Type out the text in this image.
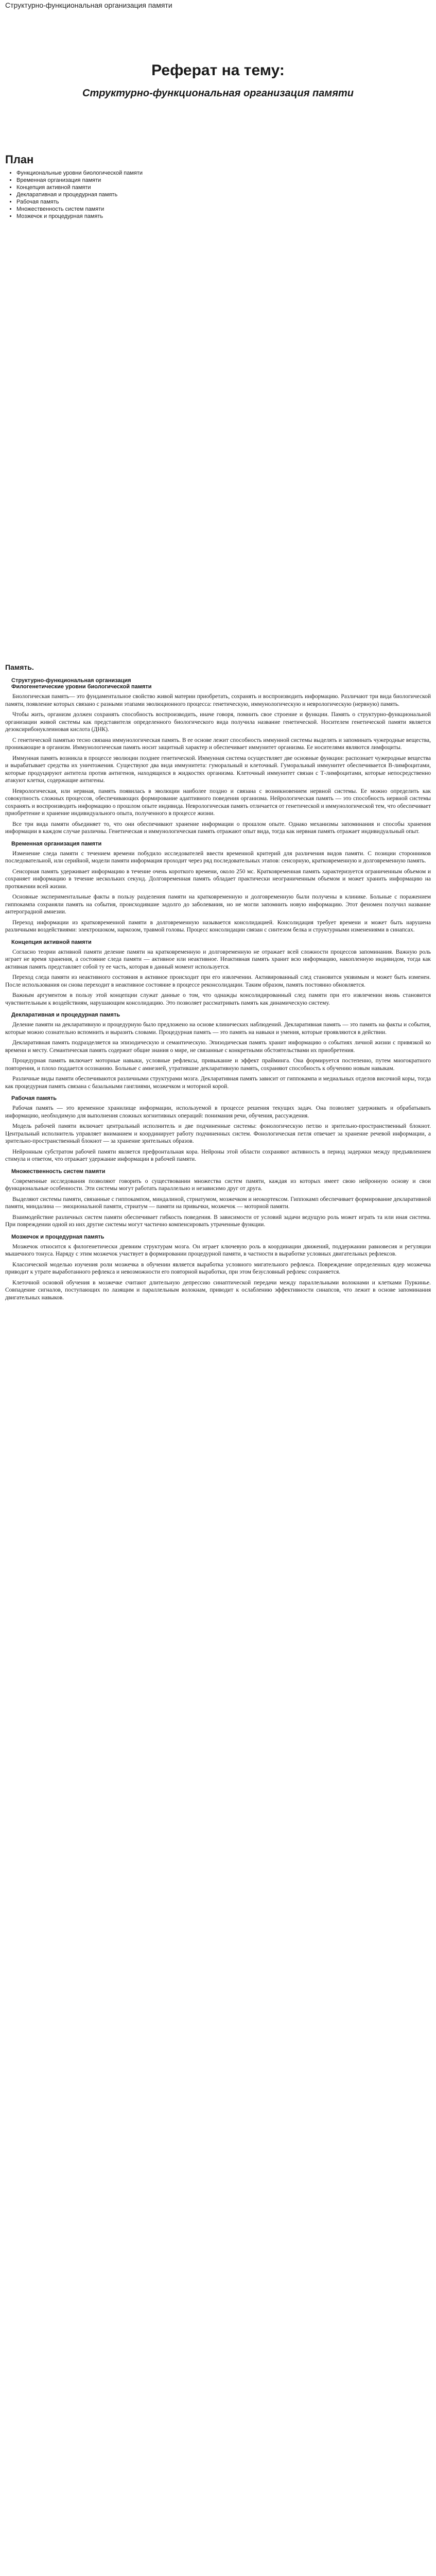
Структурно-функциональная организация памяти
Реферат на тему:
Структурно-функциональная организация памяти
План
• Функциональные уровни биологической памяти
• Временная организация памяти
• Концепция активной памяти
• Декларативная и процедурная память
• Рабочая память
• Множественность систем памяти
• Мозжечок и процедурная память
Память.
Структурно-функциональная организация
Филогенетические уровни биологической памяти

Биологическая память— это фундаментальное свойство живой материи приобретать, сохранять и воспроизводить информацию. Различают три вида биологической памяти, появление которых связано с разными этапами эволюционного процесса: генетическую, иммунологическую и неврологическую (нервную) память.

Чтобы жить, организм должен сохранять способность воспроизводить, иначе говоря, помнить свое строение и функции. Память о структурно-функциональной организации живой системы как представителя определенного биологического вида получила название генетической. Носителем генетической памяти является дезоксирибонуклеиновая кислота (ДНК).

С генетической памятью тесно связана иммунологическая память. В ее основе лежит способность иммунной системы выделять и запоминать чужеродные вещества, проникающие в организм. Иммунологическая память носит защитный характер и обеспечивает иммунитет организма. Ее носителями являются лимфоциты.

Иммунная память возникла в процессе эволюции позднее генетической. Иммунная система осуществляет две основные функции: распознает чужеродные вещества и вырабатывает средства их уничтожения. Существуют два вида иммунитета: гуморальный и клеточный. Гуморальный иммунитет обеспечивается В-лимфоцитами, которые продуцируют антитела против антигенов, находящихся в жидкостях организма. Клеточный иммунитет связан с Т-лимфоцитами, которые непосредственно атакуют клетки, содержащие антигены.

Неврологическая, или нервная, память появилась в эволюции наиболее поздно и связана с возникновением нервной системы. Ее можно определить как совокупность сложных процессов, обеспечивающих формирование адаптивного поведения организма. Нейрологическая память — это способность нервной системы сохранять и воспроизводить информацию о прошлом опыте индивида. Неврологическая память отличается от генетической и иммунологической тем, что обеспечивает приобретение и хранение индивидуального опыта, полученного в процессе жизни.

Все три вида памяти объединяет то, что они обеспечивают хранение информации о прошлом опыте. Однако механизмы запоминания и способы хранения информации в каждом случае различны. Генетическая и иммунологическая память отражают опыт вида, тогда как нервная память отражает индивидуальный опыт.

Временная организация памяти

Изменение следа памяти с течением времени побудило исследователей ввести временной критерий для различения видов памяти. С позиции сторонников последовательной, или серийной, модели памяти информация проходит через ряд последовательных этапов: сенсорную, кратковременную и долговременную память.

Сенсорная память удерживает информацию в течение очень короткого времени, около 250 мс. Кратковременная память характеризуется ограниченным объемом и сохраняет информацию в течение нескольких секунд. Долговременная память обладает практически неограниченным объемом и может хранить информацию на протяжении всей жизни.

Основные экспериментальные факты в пользу разделения памяти на кратковременную и долговременную были получены в клинике. Больные с поражением гиппокампа сохраняли память на события, происходившие задолго до заболевания, но не могли запомнить новую информацию. Этот феномен получил название антероградной амнезии.

Переход информации из кратковременной памяти в долговременную называется консолидацией. Консолидация требует времени и может быть нарушена различными воздействиями: электрошоком, наркозом, травмой головы. Процесс консолидации связан с синтезом белка и структурными изменениями в синапсах.

Концепция активной памяти

Согласно теории активной памяти деление памяти на кратковременную и долговременную не отражает всей сложности процессов запоминания. Важную роль играет не время хранения, а состояние следа памяти — активное или неактивное. Неактивная память хранит всю информацию, накопленную индивидом, тогда как активная память представляет собой ту ее часть, которая в данный момент используется.

Переход следа памяти из неактивного состояния в активное происходит при его извлечении. Активированный след становится уязвимым и может быть изменен. После использования он снова переходит в неактивное состояние в процессе реконсолидации. Таким образом, память постоянно обновляется.

Важным аргументом в пользу этой концепции служат данные о том, что однажды консолидированный след памяти при его извлечении вновь становится чувствительным к воздействиям, нарушающим консолидацию. Это позволяет рассматривать память как динамическую систему.

Декларативная и процедурная память

Деление памяти на декларативную и процедурную было предложено на основе клинических наблюдений. Декларативная память — это память на факты и события, которые можно сознательно вспомнить и выразить словами. Процедурная память — это память на навыки и умения, которые проявляются в действии.

Декларативная память подразделяется на эпизодическую и семантическую. Эпизодическая память хранит информацию о событиях личной жизни с привязкой ко времени и месту. Семантическая память содержит общие знания о мире, не связанные с конкретными обстоятельствами их приобретения.

Процедурная память включает моторные навыки, условные рефлексы, привыкание и эффект прайминга. Она формируется постепенно, путем многократного повторения, и плохо поддается осознанию. Больные с амнезией, утратившие декларативную память, сохраняют способность к обучению новым навыкам.

Различные виды памяти обеспечиваются различными структурами мозга. Декларативная память зависит от гиппокампа и медиальных отделов височной коры, тогда как процедурная память связана с базальными ганглиями, мозжечком и моторной корой.

Рабочая память

Рабочая память — это временное хранилище информации, используемой в процессе решения текущих задач. Она позволяет удерживать и обрабатывать информацию, необходимую для выполнения сложных когнитивных операций: понимания речи, обучения, рассуждения.

Модель рабочей памяти включает центральный исполнитель и две подчиненные системы: фонологическую петлю и зрительно-пространственный блокнот. Центральный исполнитель управляет вниманием и координирует работу подчиненных систем. Фонологическая петля отвечает за хранение речевой информации, а зрительно-пространственный блокнот — за хранение зрительных образов.

Нейронным субстратом рабочей памяти является префронтальная кора. Нейроны этой области сохраняют активность в период задержки между предъявлением стимула и ответом, что отражает удержание информации в рабочей памяти.

Множественность систем памяти

Современные исследования позволяют говорить о существовании множества систем памяти, каждая из которых имеет свою нейронную основу и свои функциональные особенности. Эти системы могут работать параллельно и независимо друг от друга.

Выделяют системы памяти, связанные с гиппокампом, миндалиной, стриатумом, мозжечком и неокортексом. Гиппокамп обеспечивает формирование декларативной памяти, миндалина — эмоциональной памяти, стриатум — памяти на привычки, мозжечок — моторной памяти.

Взаимодействие различных систем памяти обеспечивает гибкость поведения. В зависимости от условий задачи ведущую роль может играть та или иная система. При повреждении одной из них другие системы могут частично компенсировать утраченные функции.

Мозжечок и процедурная память

Мозжечок относится к филогенетически древним структурам мозга. Он играет ключевую роль в координации движений, поддержании равновесия и регуляции мышечного тонуса. Наряду с этим мозжечок участвует в формировании процедурной памяти, в частности в выработке условных двигательных рефлексов.

Классической моделью изучения роли мозжечка в обучении является выработка условного мигательного рефлекса. Повреждение определенных ядер мозжечка приводит к утрате выработанного рефлекса и невозможности его повторной выработки, при этом безусловный рефлекс сохраняется.

Клеточной основой обучения в мозжечке считают длительную депрессию синаптической передачи между параллельными волокнами и клетками Пуркинье. Совпадение сигналов, поступающих по лазящим и параллельным волокнам, приводит к ослаблению эффективности синапсов, что лежит в основе запоминания двигательных навыков.
